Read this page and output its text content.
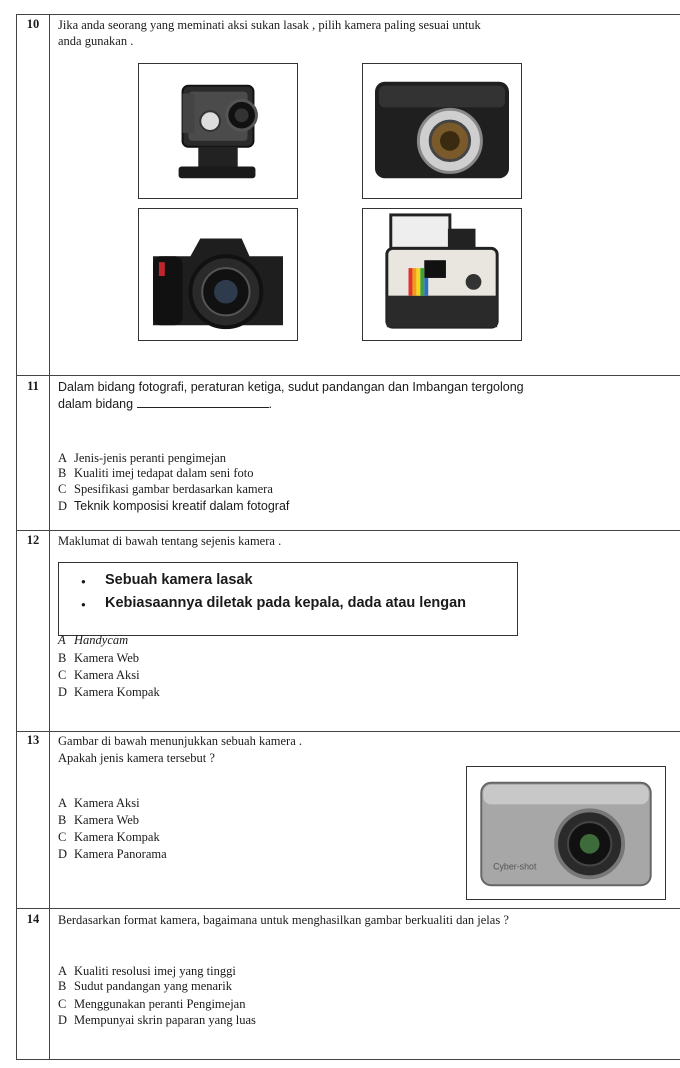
10	Jika anda seorang yang meminati aksi sukan lasak , pilih kamera paling sesuai untuk
anda gunakan .
11	Dalam bidang fotografi, peraturan ketiga, sudut pandangan dan Imbangan tergolong
dalam bidang	.
A Jenis-jenis peranti pengimejan
B Kualiti imej tedapat dalam seni foto
C Spesifikasi gambar berdasarkan kamera
D Teknik komposisi kreatif dalam fotograf
12	Maklumat di bawah tentang sejenis kamera .
● Sebuah kamera lasak
● Kebiasaannya diletak pada kepala, dada atau lengan
A Handycam
B Kamera Web
C Kamera Aksi
D Kamera Kompak
13	Gambar di bawah menunjukkan sebuah kamera .
Apakah jenis kamera tersebut ?
Cyber-shot
A Kamera Aksi
B Kamera Web
C Kamera Kompak
D Kamera Panorama
14	Berdasarkan format kamera, bagaimana untuk menghasilkan gambar berkualiti dan jelas ?
A Kualiti resolusi imej yang tinggi
B Sudut pandangan yang menarik
C Menggunakan peranti Pengimejan
D Mempunyai skrin paparan yang luas
